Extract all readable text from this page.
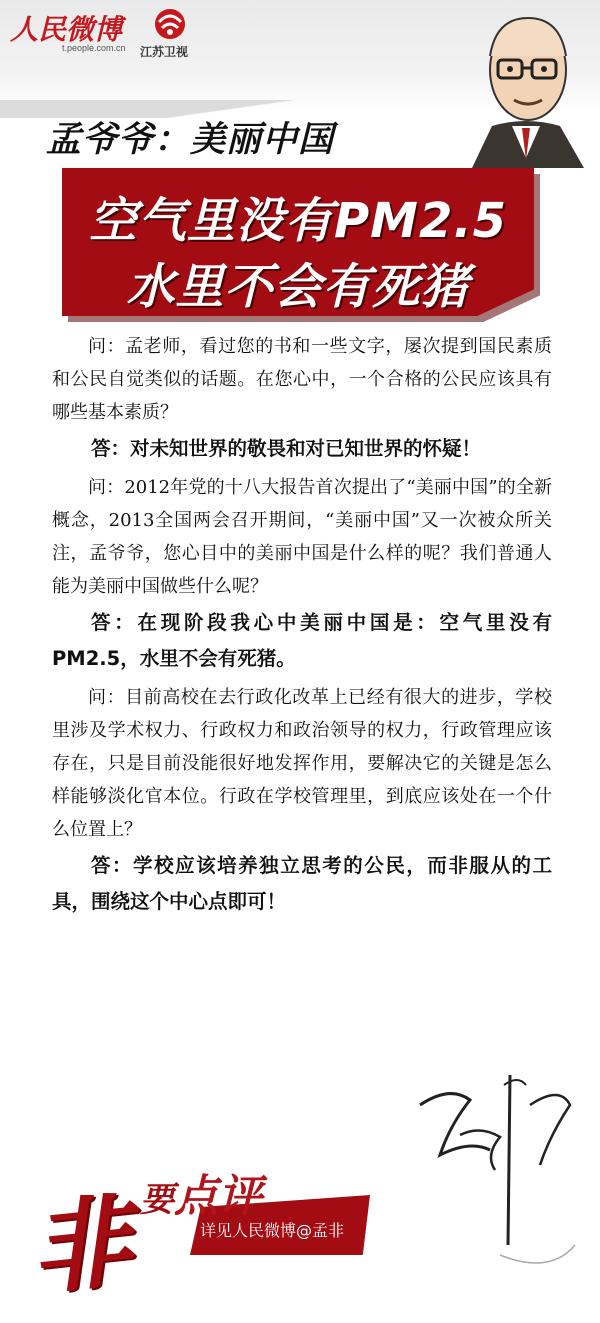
人民微博
t.people.com.cn 江苏卫视
孟爷爷：美丽中国
空气里没有PM2.5
水里不会有死猪

问：孟老师，看过您的书和一些文字，屡次提到国民素质和公民自觉类似的话题。在您心中，一个合格的公民应该具有哪些基本素质？

答：对未知世界的敬畏和对已知世界的怀疑！

问：2012年党的十八大报告首次提出了“美丽中国”的全新概念，2013全国两会召开期间，“美丽中国”又一次被众所关注，孟爷爷，您心目中的美丽中国是什么样的呢？我们普通人能为美丽中国做些什么呢？

答：在现阶段我心中美丽中国是：空气里没有PM2.5，水里不会有死猪。

问：目前高校在去行政化改革上已经有很大的进步，学校里涉及学术权力、行政权力和政治领导的权力，行政管理应该存在，只是目前没能很好地发挥作用，要解决它的关键是怎么样能够淡化官本位。行政在学校管理里，到底应该处在一个什么位置上？

答：学校应该培养独立思考的公民，而非服从的工具，围绕这个中心点即可！

非 要点评
详见人民微博@孟非
